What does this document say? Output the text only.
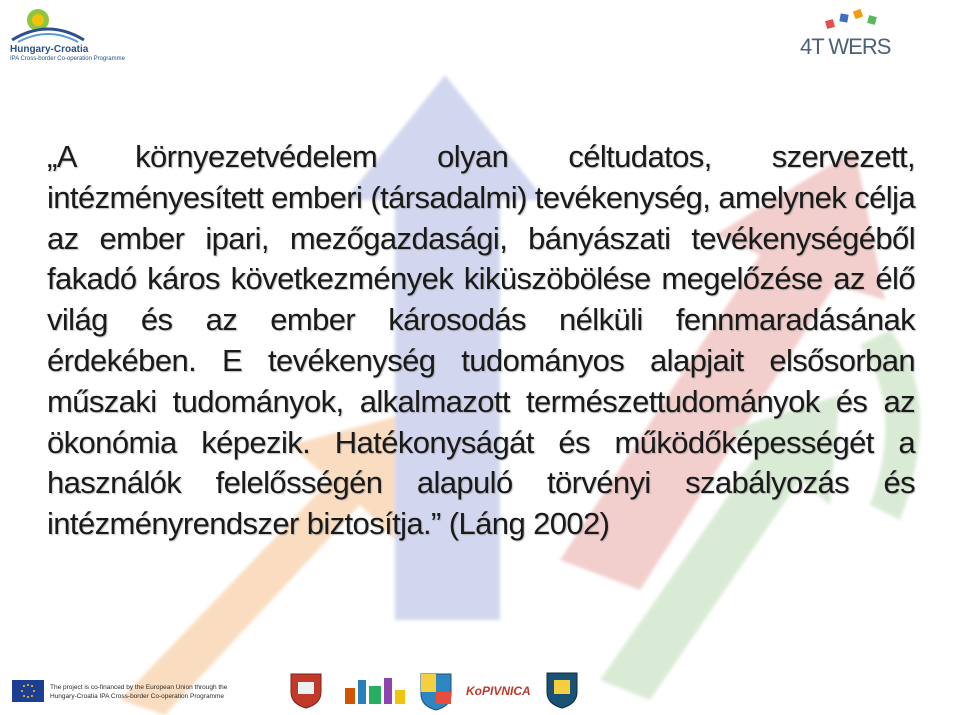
Hungary-Croatia
IPA Cross-border Co-operation Programme	4T WERS

„A környezetvédelem olyan céltudatos, szervezett, intézményesített emberi (társadalmi) tevékenység, amelynek célja az ember ipari, mezőgazdasági, bányászati tevékenységéből fakadó káros következmények kiküszöbölése megelőzése az élő világ és az ember károsodás nélküli fennmaradásának érdekében. E tevékenység tudományos alapjait elsősorban műszaki tudományok, alkalmazott természettudományok és az ökonómia képezik. Hatékonyságát és működőképességét a használók felelősségén alapuló törvényi szabályozás és intézményrendszer biztosítja.” (Láng 2002)

The project is co-financed by the European Union through the
Hungary-Croatia IPA Cross-border Co-operation Programme	KoPIVNICA
